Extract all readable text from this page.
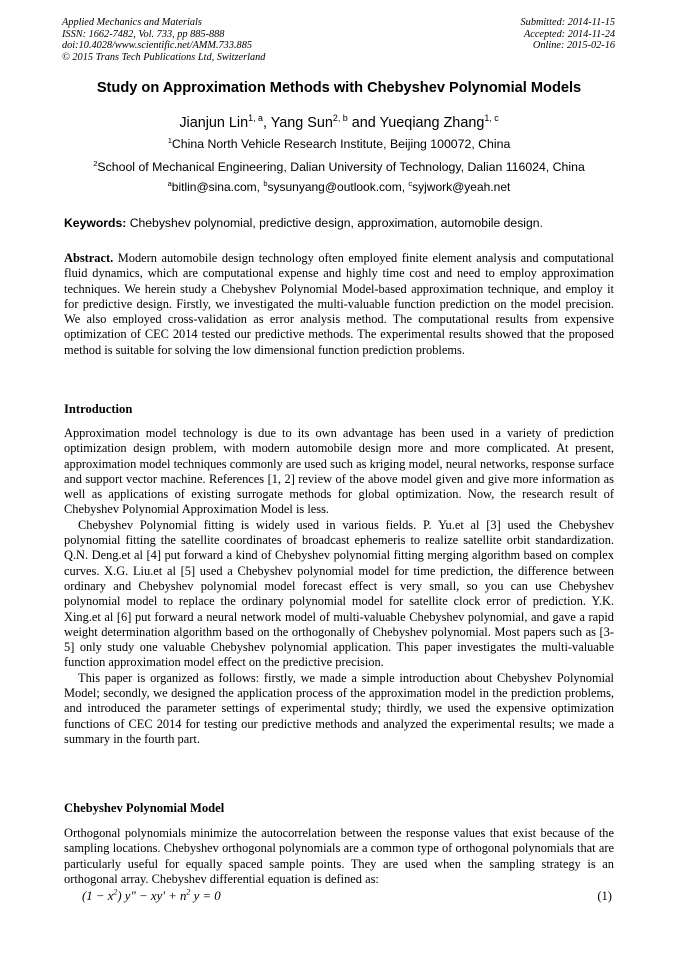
Applied Mechanics and Materials
ISSN: 1662-7482, Vol. 733, pp 885-888
doi:10.4028/www.scientific.net/AMM.733.885
© 2015 Trans Tech Publications Ltd, Switzerland
Submitted: 2014-11-15
Accepted: 2014-11-24
Online: 2015-02-16
Study on Approximation Methods with Chebyshev Polynomial Models
Jianjun Lin$^{1, a}$, Yang Sun$^{2, b}$ and Yueqiang Zhang$^{1, c}$
$^1$China North Vehicle Research Institute, Beijing 100072, China
$^2$School of Mechanical Engineering, Dalian University of Technology, Dalian 116024, China
$^a$bitlin@sina.com, $^b$sysunyang@outlook.com, $^c$syjwork@yeah.net
Keywords: Chebyshev polynomial, predictive design, approximation, automobile design.
Abstract. Modern automobile design technology often employed finite element analysis and computational fluid dynamics, which are computational expense and highly time cost and need to employ approximation techniques. We herein study a Chebyshev Polynomial Model-based approximation technique, and employ it for predictive design. Firstly, we investigated the multi-valuable function prediction on the model precision. We also employed cross-validation as error analysis method. The computational results from expensive optimization of CEC 2014 tested our predictive methods. The experimental results showed that the proposed method is suitable for solving the low dimensional function prediction problems.
Introduction

Approximation model technology is due to its own advantage has been used in a variety of prediction optimization design problem, with modern automobile design more and more complicated. At present, approximation model techniques commonly are used such as kriging model, neural networks, response surface and support vector machine. References [1, 2] review of the above model given and give more information as well as applications of existing surrogate methods for global optimization. Now, the research result of Chebyshev Polynomial Approximation Model is less.

Chebyshev Polynomial fitting is widely used in various fields. P. Yu.et al [3] used the Chebyshev polynomial fitting the satellite coordinates of broadcast ephemeris to realize satellite orbit standardization. Q.N. Deng.et al [4] put forward a kind of Chebyshev polynomial fitting merging algorithm based on complex curves. X.G. Liu.et al [5] used a Chebyshev polynomial model for time prediction, the difference between ordinary and Chebyshev polynomial model forecast effect is very small, so you can use Chebyshev polynomial model to replace the ordinary polynomial model for satellite clock error of prediction. Y.K. Xing.et al [6] put forward a neural network model of multi-valuable Chebyshev polynomial, and gave a rapid weight determination algorithm based on the orthogonally of Chebyshev polynomial. Most papers such as [3-5] only study one valuable Chebyshev polynomial application. This paper investigates the multi-valuable function approximation model effect on the predictive precision.

This paper is organized as follows: firstly, we made a simple introduction about Chebyshev Polynomial Model; secondly, we designed the application process of the approximation model in the prediction problems, and introduced the parameter settings of experimental study; thirdly, we used the expensive optimization functions of CEC 2014 for testing our predictive methods and analyzed the experimental results; we made a summary in the fourth part.

Chebyshev Polynomial Model

Orthogonal polynomials minimize the autocorrelation between the response values that exist because of the sampling locations. Chebyshev orthogonal polynomials are a common type of orthogonal polynomials that are particularly useful for equally spaced sample points. They are used when the sampling strategy is an orthogonal array. Chebyshev differential equation is defined as:

$(1 - x^2)$ y" − $xy' + n^2$ y = 0	(1)
